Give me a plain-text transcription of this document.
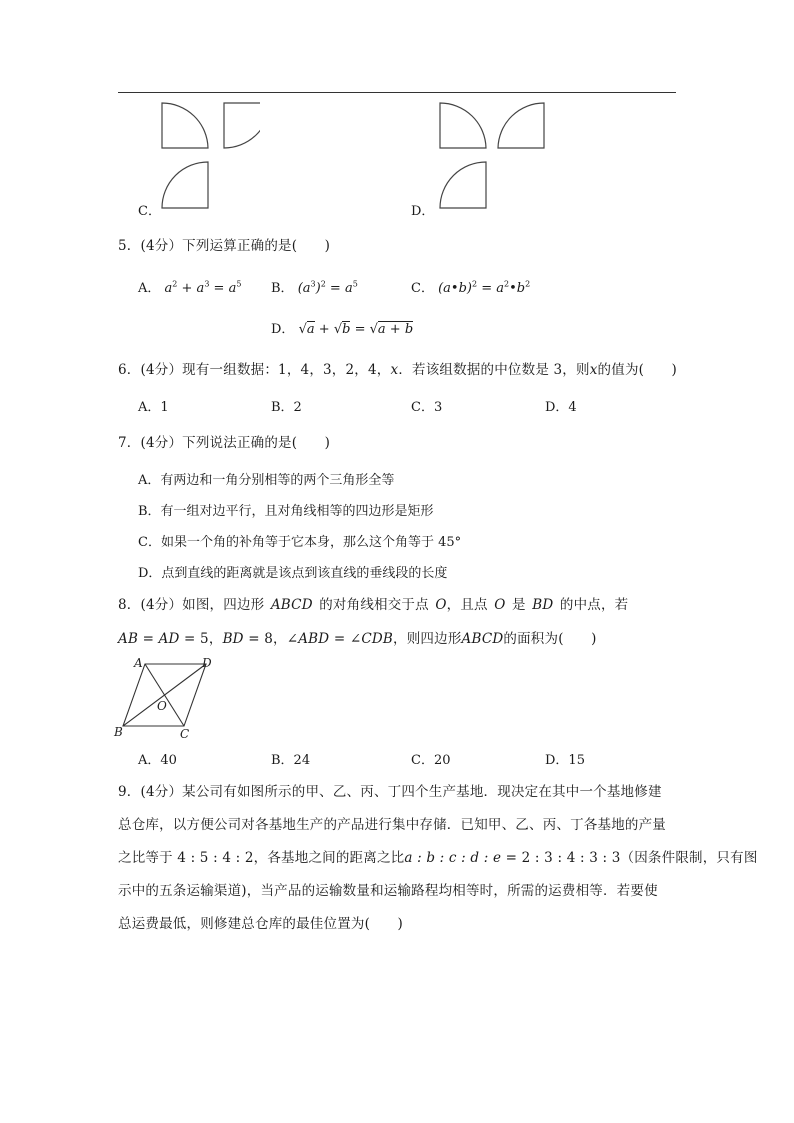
C．	D．
5．(4分）下列运算正确的是(　　)
A． $a^2 + a^3 = a^5$ B． $(a^3)^2 = a^5$	C． (a•b)$^2$ = $a^2•b^2$
D． √a + √b = √a + b
6．(4分）现有一组数据：1，4，3，2，4，x．若该组数据的中位数是 3，则x的值为(　　)
A．1	B．2	C．3	D．4
7．(4分）下列说法正确的是(　　)
A．有两边和一角分别相等的两个三角形全等
B．有一组对边平行，且对角线相等的四边形是矩形
C．如果一个角的补角等于它本身，那么这个角等于 45°
D．点到直线的距离就是该点到该直线的垂线段的长度
8．(4分）如图，四边形 ABCD 的对角线相交于点 O，且点 O 是 BD 的中点，若
AB = AD = 5，BD = 8，∠ABD = ∠CDB，则四边形ABCD的面积为(　　)
A	D
B	C
O
A．40	B．24	C．20	D．15
9．(4分）某公司有如图所示的甲、乙、丙、丁四个生产基地．现决定在其中一个基地修建
总仓库，以方便公司对各基地生产的产品进行集中存储．已知甲、乙、丙、丁各基地的产量
之比等于 4 : 5 : 4 : 2，各基地之间的距离之比a : b : c : d : e = 2 : 3 : 4 : 3 : 3（因条件限制，只有图
示中的五条运输渠道)，当产品的运输数量和运输路程均相等时，所需的运费相等．若要使
总运费最低，则修建总仓库的最佳位置为(　　)
